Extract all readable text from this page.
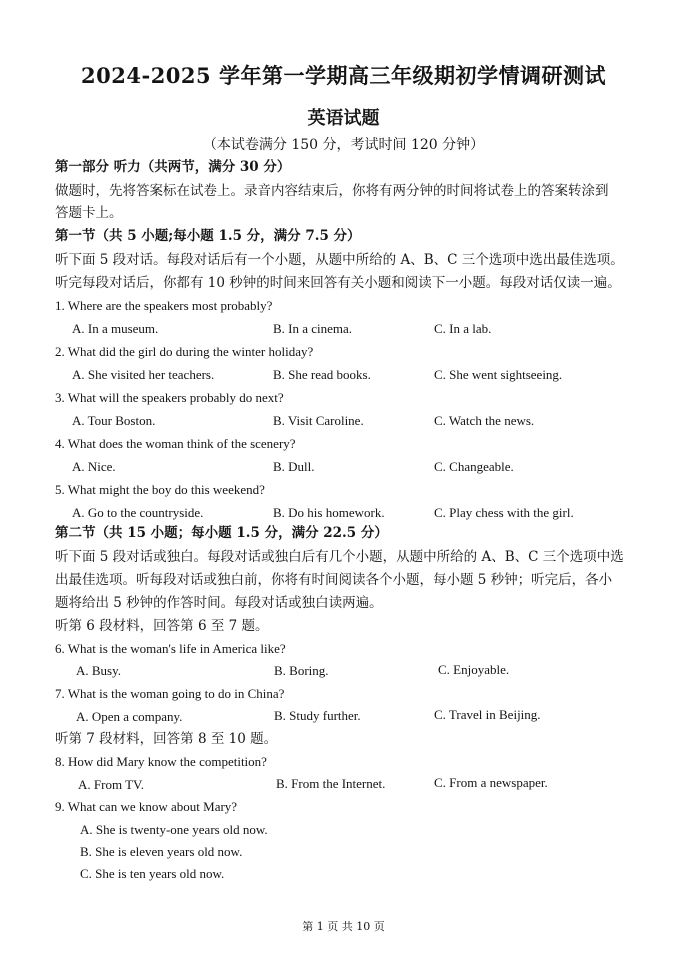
2024-2025 学年第一学期高三年级期初学情调研测试
英语试题
（本试卷满分 150 分，考试时间 120 分钟）
第一部分 听力（共两节，满分 30 分）
做题时，先将答案标在试卷上。录音内容结束后，你将有两分钟的时间将试卷上的答案转涂到
答题卡上。
第一节（共 5 小题;每小题 1.5 分，满分 7.5 分）
听下面 5 段对话。每段对话后有一个小题，从题中所给的 A、B、C 三个选项中选出最佳选项。
听完每段对话后，你都有 10 秒钟的时间来回答有关小题和阅读下一小题。每段对话仅读一遍。
1. Where are the speakers most probably?
A. In a museum.	B. In a cinema.	C. In a lab.
2. What did the girl do during the winter holiday?
A. She visited her teachers.	B. She read books.	C. She went sightseeing.
3. What will the speakers probably do next?
A. Tour Boston.	B. Visit Caroline.	C. Watch the news.
4. What does the woman think of the scenery?
A. Nice.	B. Dull.	C. Changeable.
5. What might the boy do this weekend?
A. Go to the countryside.	B. Do his homework.	C. Play chess with the girl.
第二节（共 15 小题；每小题 1.5 分，满分 22.5 分）
听下面 5 段对话或独白。每段对话或独白后有几个小题，从题中所给的 A、B、C 三个选项中选
出最佳选项。听每段对话或独白前，你将有时间阅读各个小题，每小题 5 秒钟；听完后，各小
题将给出 5 秒钟的作答时间。每段对话或独白读两遍。
听第 6 段材料，回答第 6 至 7 题。
6. What is the woman's life in America like?
A. Busy.	B. Boring.	C. Enjoyable.
7. What is the woman going to do in China?
A. Open a company.	B. Study further.	C. Travel in Beijing.
听第 7 段材料，回答第 8 至 10 题。
8. How did Mary know the competition?
A. From TV.	B. From the Internet.	C. From a newspaper.
9. What can we know about Mary?
A. She is twenty-one years old now.
B. She is eleven years old now.
C. She is ten years old now.
第 1 页 共 10 页
